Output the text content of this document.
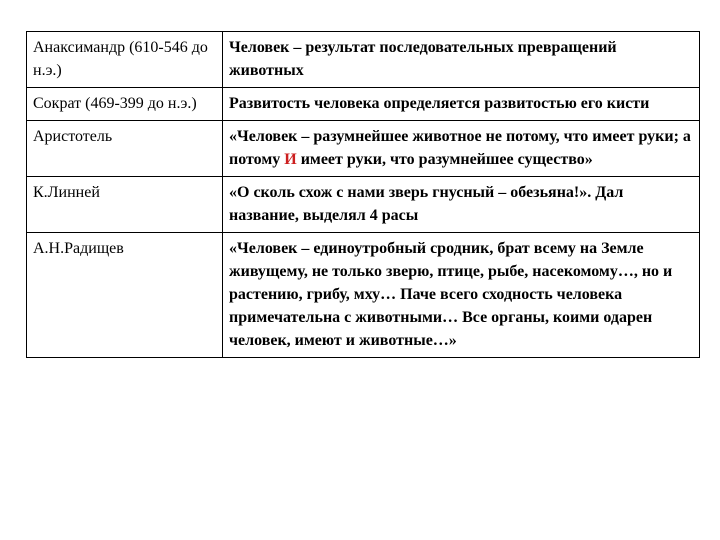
Анаксимандр (610-546 до н.э.)	Человек – результат последовательных превращений животных
Сократ (469-399 до н.э.)	Развитость человека определяется развитостью его кисти
Аристотель	«Человек – разумнейшее животное не потому, что имеет руки; а потому И имеет руки, что разумнейшее существо»
К.Линней	«О сколь схож с нами зверь гнусный – обезьяна!». Дал название, выделял 4 расы
А.Н.Радищев	«Человек – единоутробный сродник, брат всему на Земле живущему, не только зверю, птице, рыбе, насекомому…, но и растению, грибу, мху… Паче всего сходность человека примечательна с животными… Все органы, коими одарен человек, имеют и животные…»
